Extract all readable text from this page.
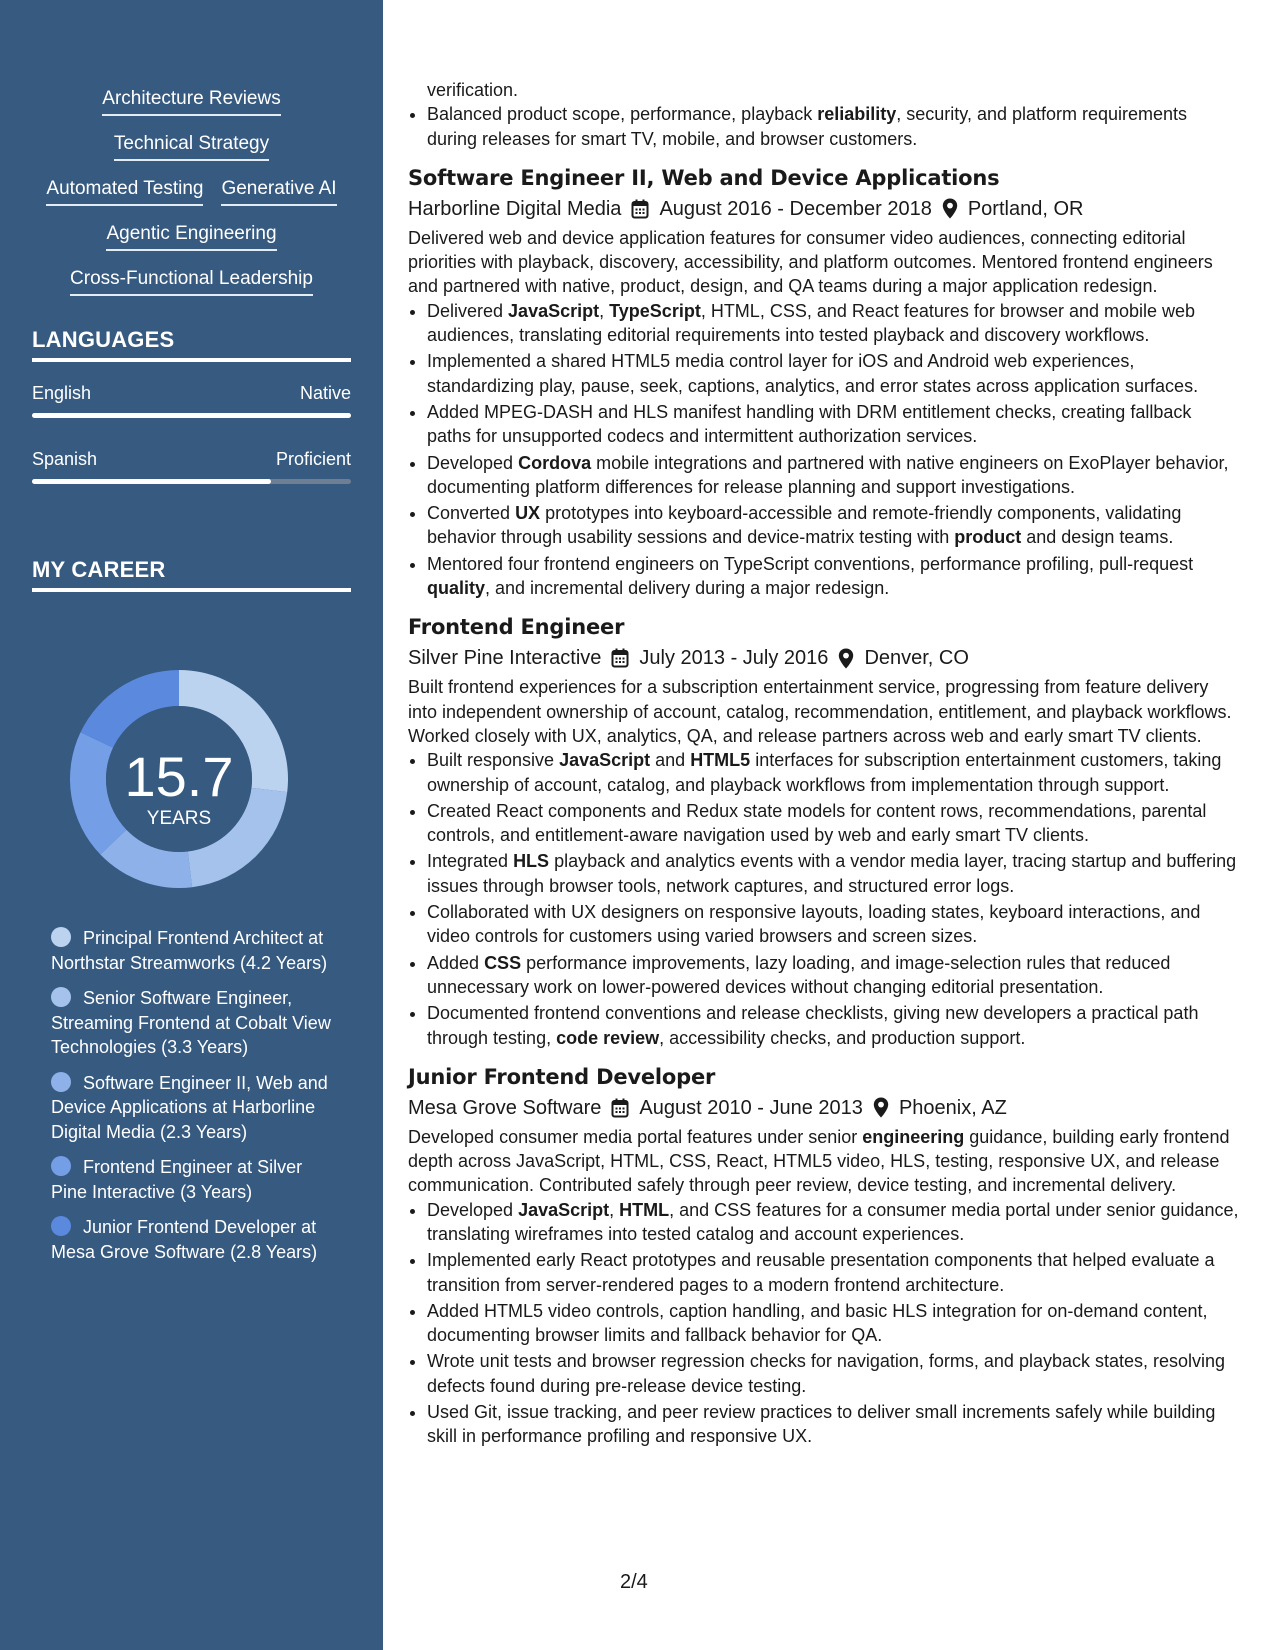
Architecture Reviews
Technical Strategy
Automated Testing Generative AI
Agentic Engineering
Cross-Functional Leadership
LANGUAGES
English	Native
Spanish	Proficient
MY CAREER
15.7
YEARS
Principal Frontend Architect at Northstar Streamworks (4.2 Years)
Senior Software Engineer, Streaming Frontend at Cobalt View Technologies (3.3 Years)
Software Engineer II, Web and Device Applications at Harborline Digital Media (2.3 Years)
Frontend Engineer at Silver Pine Interactive (3 Years)
Junior Frontend Developer at Mesa Grove Software (2.8 Years)

verification.

• Balanced product scope, performance, playback reliability, security, and platform requirements during releases for smart TV, mobile, and browser customers.
Software Engineer II, Web and Device Applications
Harborline Digital Media August 2016 - December 2018 Portland, OR

Delivered web and device application features for consumer video audiences, connecting editorial priorities with playback, discovery, accessibility, and platform outcomes. Mentored frontend engineers and partnered with native, product, design, and QA teams during a major application redesign.

• Delivered JavaScript, TypeScript, HTML, CSS, and React features for browser and mobile web audiences, translating editorial requirements into tested playback and discovery workflows.
• Implemented a shared HTML5 media control layer for iOS and Android web experiences, standardizing play, pause, seek, captions, analytics, and error states across application surfaces.
• Added MPEG-DASH and HLS manifest handling with DRM entitlement checks, creating fallback paths for unsupported codecs and intermittent authorization services.
• Developed Cordova mobile integrations and partnered with native engineers on ExoPlayer behavior, documenting platform differences for release planning and support investigations.
• Converted UX prototypes into keyboard-accessible and remote-friendly components, validating behavior through usability sessions and device-matrix testing with product and design teams.
• Mentored four frontend engineers on TypeScript conventions, performance profiling, pull-request quality, and incremental delivery during a major redesign.
Frontend Engineer
Silver Pine Interactive July 2013 - July 2016 Denver, CO

Built frontend experiences for a subscription entertainment service, progressing from feature delivery into independent ownership of account, catalog, recommendation, entitlement, and playback workflows. Worked closely with UX, analytics, QA, and release partners across web and early smart TV clients.

• Built responsive JavaScript and HTML5 interfaces for subscription entertainment customers, taking ownership of account, catalog, and playback workflows from implementation through support.
• Created React components and Redux state models for content rows, recommendations, parental controls, and entitlement-aware navigation used by web and early smart TV clients.
• Integrated HLS playback and analytics events with a vendor media layer, tracing startup and buffering issues through browser tools, network captures, and structured error logs.
• Collaborated with UX designers on responsive layouts, loading states, keyboard interactions, and video controls for customers using varied browsers and screen sizes.
• Added CSS performance improvements, lazy loading, and image-selection rules that reduced unnecessary work on lower-powered devices without changing editorial presentation.
• Documented frontend conventions and release checklists, giving new developers a practical path through testing, code review, accessibility checks, and production support.
Junior Frontend Developer
Mesa Grove Software August 2010 - June 2013 Phoenix, AZ

Developed consumer media portal features under senior engineering guidance, building early frontend depth across JavaScript, HTML, CSS, React, HTML5 video, HLS, testing, responsive UX, and release communication. Contributed safely through peer review, device testing, and incremental delivery.

• Developed JavaScript, HTML, and CSS features for a consumer media portal under senior guidance, translating wireframes into tested catalog and account experiences.
• Implemented early React prototypes and reusable presentation components that helped evaluate a transition from server-rendered pages to a modern frontend architecture.
• Added HTML5 video controls, caption handling, and basic HLS integration for on-demand content, documenting browser limits and fallback behavior for QA.
• Wrote unit tests and browser regression checks for navigation, forms, and playback states, resolving defects found during pre-release device testing.
• Used Git, issue tracking, and peer review practices to deliver small increments safely while building skill in performance profiling and responsive UX.
2/4
